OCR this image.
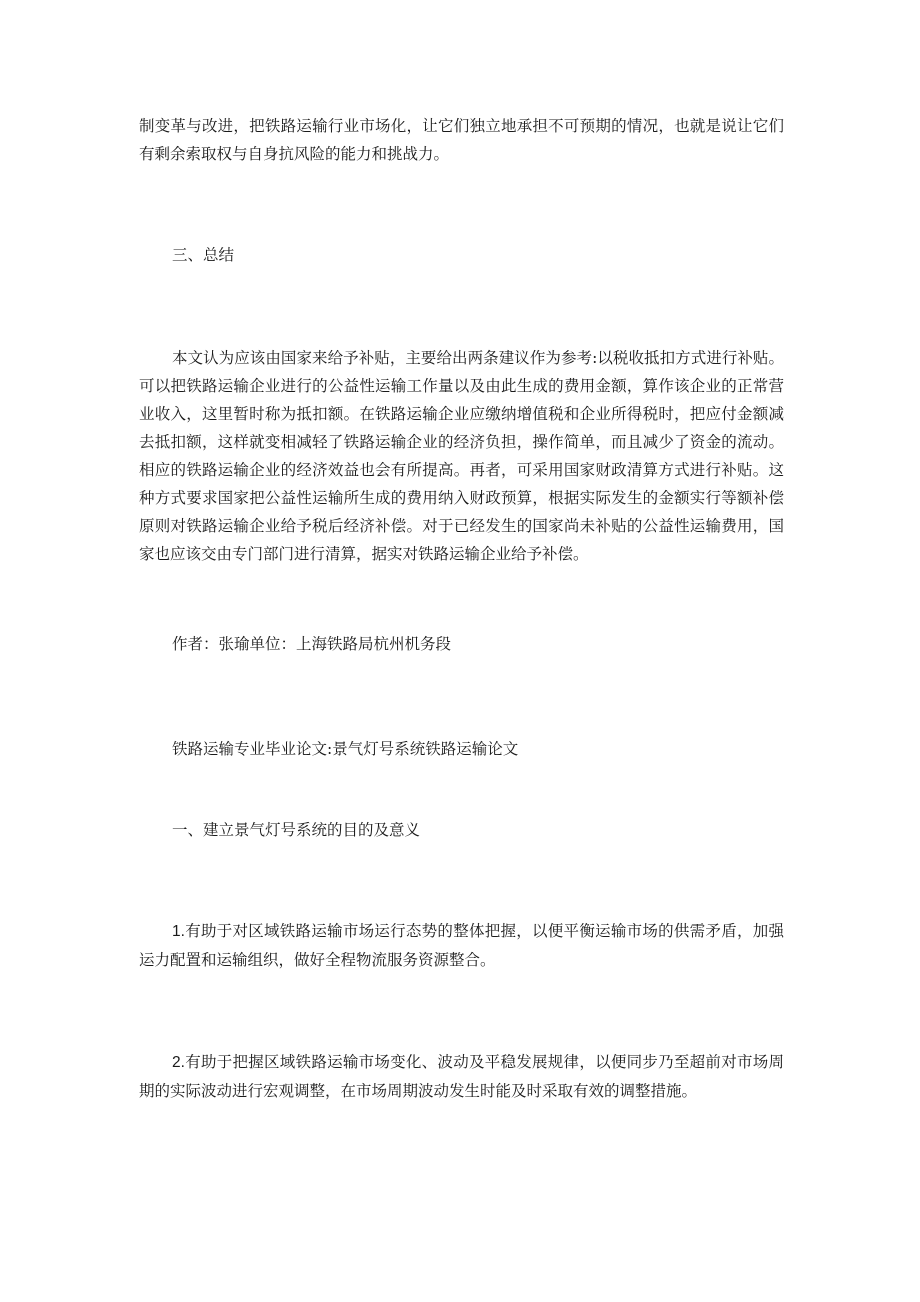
制变革与改进，把铁路运输行业市场化，让它们独立地承担不可预期的情况，也就是说让它们有剩余索取权与自身抗风险的能力和挑战力。

三、总结

本文认为应该由国家来给予补贴，主要给出两条建议作为参考:以税收抵扣方式进行补贴。可以把铁路运输企业进行的公益性运输工作量以及由此生成的费用金额，算作该企业的正常营业收入，这里暂时称为抵扣额。在铁路运输企业应缴纳增值税和企业所得税时，把应付金额减去抵扣额，这样就变相减轻了铁路运输企业的经济负担，操作简单，而且减少了资金的流动。相应的铁路运输企业的经济效益也会有所提高。再者，可采用国家财政清算方式进行补贴。这种方式要求国家把公益性运输所生成的费用纳入财政预算，根据实际发生的金额实行等额补偿原则对铁路运输企业给予税后经济补偿。对于已经发生的国家尚未补贴的公益性运输费用，国家也应该交由专门部门进行清算，据实对铁路运输企业给予补偿。

作者：张瑜单位：上海铁路局杭州机务段

铁路运输专业毕业论文:景气灯号系统铁路运输论文

一、建立景气灯号系统的目的及意义

1.有助于对区域铁路运输市场运行态势的整体把握，以便平衡运输市场的供需矛盾，加强运力配置和运输组织，做好全程物流服务资源整合。

2.有助于把握区域铁路运输市场变化、波动及平稳发展规律，以便同步乃至超前对市场周期的实际波动进行宏观调整，在市场周期波动发生时能及时采取有效的调整措施。
